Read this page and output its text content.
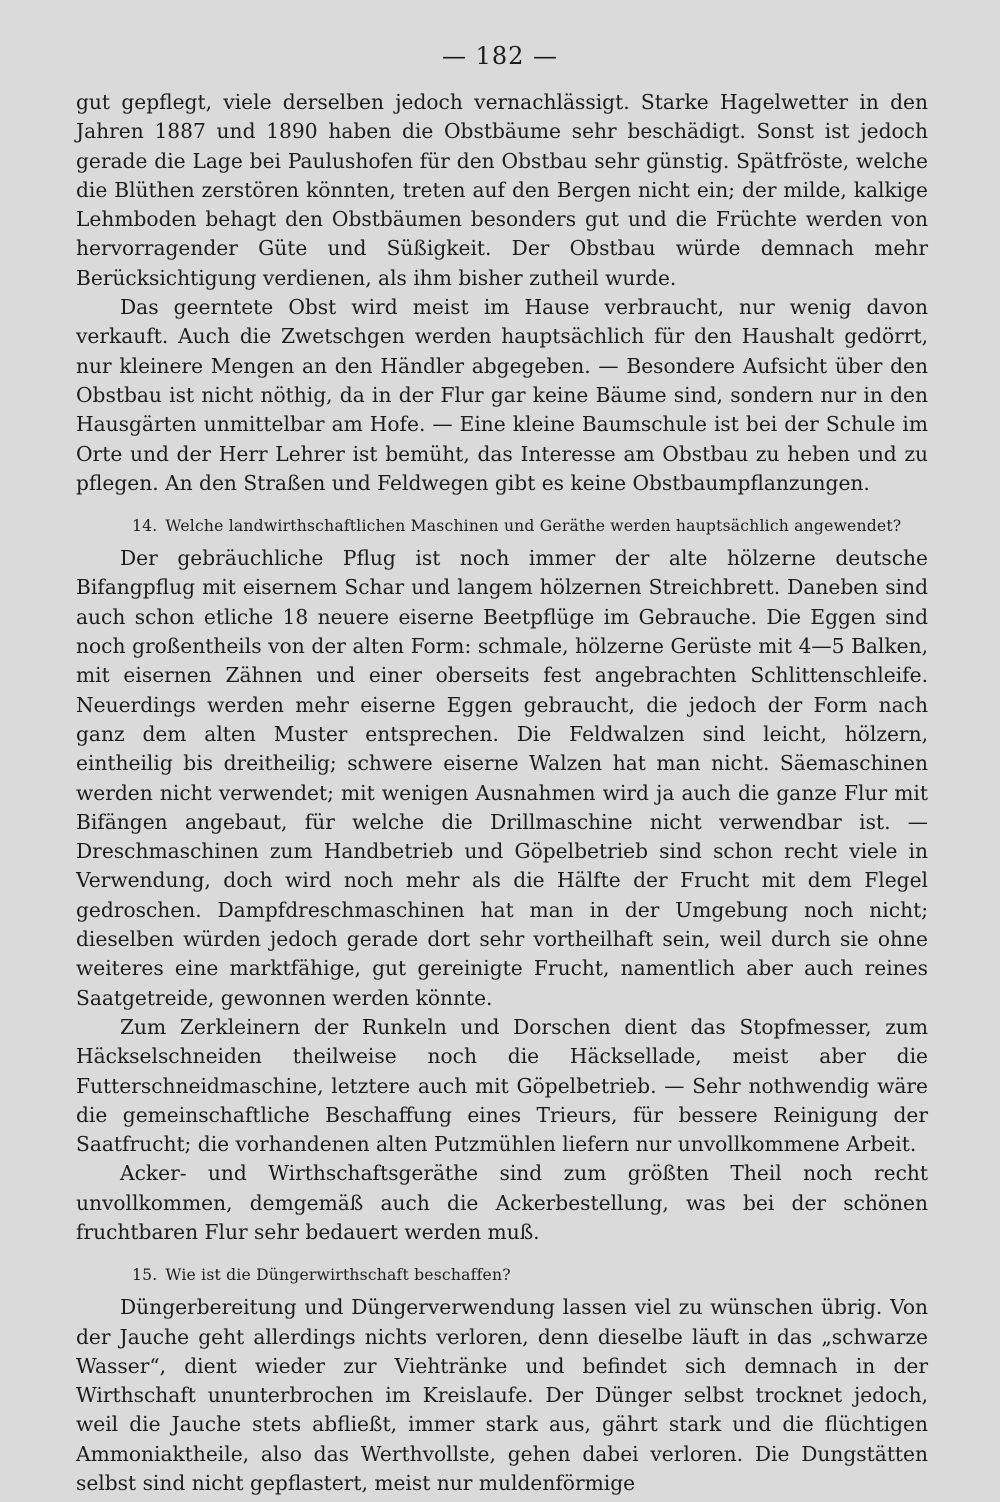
— 182 —

gut gepflegt, viele derselben jedoch vernachlässigt. Starke Hagelwetter in den Jahren 1887 und 1890 haben die Obstbäume sehr beschädigt. Sonst ist jedoch gerade die Lage bei Paulushofen für den Obstbau sehr günstig. Spätfröste, welche die Blüthen zerstören könnten, treten auf den Bergen nicht ein; der milde, kalkige Lehmboden behagt den Obstbäumen besonders gut und die Früchte werden von hervorragender Güte und Süßigkeit. Der Obstbau würde demnach mehr Berücksichtigung verdienen, als ihm bisher zutheil wurde.

Das geerntete Obst wird meist im Hause verbraucht, nur wenig davon verkauft. Auch die Zwetschgen werden hauptsächlich für den Haushalt gedörrt, nur kleinere Mengen an den Händler abgegeben. — Besondere Aufsicht über den Obstbau ist nicht nöthig, da in der Flur gar keine Bäume sind, sondern nur in den Hausgärten unmittelbar am Hofe. — Eine kleine Baumschule ist bei der Schule im Orte und der Herr Lehrer ist bemüht, das Interesse am Obstbau zu heben und zu pflegen. An den Straßen und Feldwegen gibt es keine Obstbaumpflanzungen.

14. Welche landwirthschaftlichen Maschinen und Geräthe werden hauptsächlich angewendet?

Der gebräuchliche Pflug ist noch immer der alte hölzerne deutsche Bifangpflug mit eisernem Schar und langem hölzernen Streichbrett. Daneben sind auch schon etliche 18 neuere eiserne Beetpflüge im Gebrauche. Die Eggen sind noch großentheils von der alten Form: schmale, hölzerne Gerüste mit 4—5 Balken, mit eisernen Zähnen und einer oberseits fest angebrachten Schlittenschleife. Neuerdings werden mehr eiserne Eggen gebraucht, die jedoch der Form nach ganz dem alten Muster entsprechen. Die Feldwalzen sind leicht, hölzern, eintheilig bis dreitheilig; schwere eiserne Walzen hat man nicht. Säemaschinen werden nicht verwendet; mit wenigen Ausnahmen wird ja auch die ganze Flur mit Bifängen angebaut, für welche die Drillmaschine nicht verwendbar ist. — Dreschmaschinen zum Handbetrieb und Göpelbetrieb sind schon recht viele in Verwendung, doch wird noch mehr als die Hälfte der Frucht mit dem Flegel gedroschen. Dampfdreschmaschinen hat man in der Umgebung noch nicht; dieselben würden jedoch gerade dort sehr vortheilhaft sein, weil durch sie ohne weiteres eine marktfähige, gut gereinigte Frucht, namentlich aber auch reines Saatgetreide, gewonnen werden könnte.

Zum Zerkleinern der Runkeln und Dorschen dient das Stopfmesser, zum Häckselschneiden theilweise noch die Häcksellade, meist aber die Futterschneidmaschine, letztere auch mit Göpelbetrieb. — Sehr nothwendig wäre die gemeinschaftliche Beschaffung eines Trieurs, für bessere Reinigung der Saatfrucht; die vorhandenen alten Putzmühlen liefern nur unvollkommene Arbeit.

Acker- und Wirthschaftsgeräthe sind zum größten Theil noch recht unvollkommen, demgemäß auch die Ackerbestellung, was bei der schönen fruchtbaren Flur sehr bedauert werden muß.

15. Wie ist die Düngerwirthschaft beschaffen?

Düngerbereitung und Düngerverwendung lassen viel zu wünschen übrig. Von der Jauche geht allerdings nichts verloren, denn dieselbe läuft in das „schwarze Wasser“, dient wieder zur Viehtränke und befindet sich demnach in der Wirthschaft ununterbrochen im Kreislaufe. Der Dünger selbst trocknet jedoch, weil die Jauche stets abfließt, immer stark aus, gährt stark und die flüchtigen Ammoniaktheile, also das Werthvollste, gehen dabei verloren. Die Dungstätten selbst sind nicht gepflastert, meist nur muldenförmige
